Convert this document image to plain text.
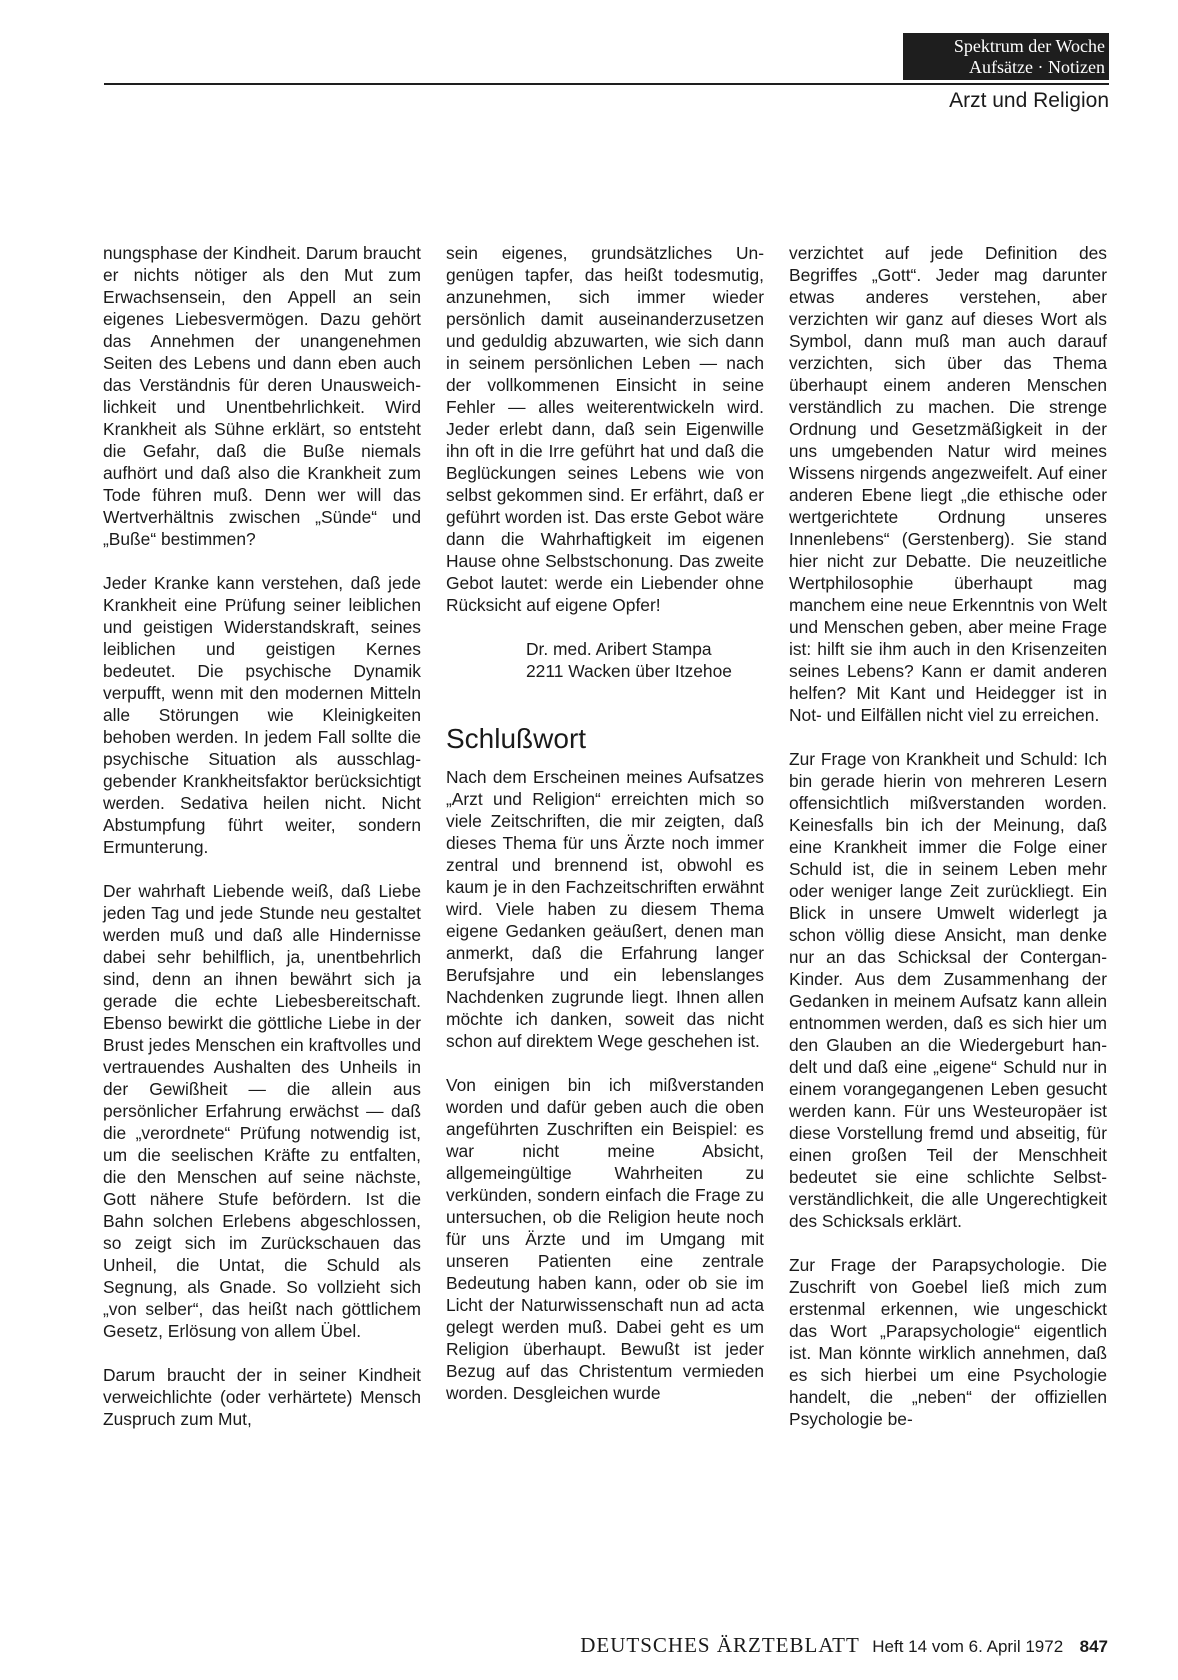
Spektrum der Woche
Aufsätze · Notizen
Arzt und Religion

nungsphase der Kindheit. Darum braucht er nichts nötiger als den Mut zum Erwachsensein, den Appell an sein eigenes Liebesvermögen. Dazu gehört das Annehmen der unangenehmen Seiten des Lebens und dann eben auch das Verständnis für deren Unausweichlichkeit und Unentbehrlichkeit. Wird Krankheit als Sühne erklärt, so entsteht die Gefahr, daß die Buße niemals aufhört und daß also die Krankheit zum Tode führen muß. Denn wer will das Wertverhältnis zwischen „Sünde“ und „Buße“ bestimmen?

Jeder Kranke kann verstehen, daß jede Krankheit eine Prüfung seiner leiblichen und geistigen Widerstandskraft, seines leiblichen und geistigen Kernes bedeutet. Die psychische Dynamik verpufft, wenn mit den modernen Mitteln alle Störungen wie Kleinigkeiten behoben werden. In jedem Fall sollte die psychische Situation als ausschlaggebender Krankheitsfaktor berücksichtigt werden. Sedativa heilen nicht. Nicht Abstumpfung führt weiter, sondern Ermunterung.

Der wahrhaft Liebende weiß, daß Liebe jeden Tag und jede Stunde neu gestaltet werden muß und daß alle Hindernisse dabei sehr behilflich, ja, unentbehrlich sind, denn an ihnen bewährt sich ja gerade die echte Liebesbereitschaft. Ebenso bewirkt die göttliche Liebe in der Brust jedes Menschen ein kraftvolles und vertrauendes Aushalten des Unheils in der Gewißheit — die allein aus persönlicher Erfahrung erwächst — daß die „verordnete“ Prüfung notwendig ist, um die seelischen Kräfte zu entfalten, die den Menschen auf seine nächste, Gott nähere Stufe befördern. Ist die Bahn solchen Erlebens abgeschlossen, so zeigt sich im Zurückschauen das Unheil, die Untat, die Schuld als Segnung, als Gnade. So vollzieht sich „von selber“, das heißt nach göttlichem Gesetz, Erlösung von allem Übel.

Darum braucht der in seiner Kindheit verweichlichte (oder verhärtete) Mensch Zuspruch zum Mut,

sein eigenes, grundsätzliches Ungenügen tapfer, das heißt todesmutig, anzunehmen, sich immer wieder persönlich damit auseinanderzusetzen und geduldig abzuwarten, wie sich dann in seinem persönlichen Leben — nach der vollkommenen Einsicht in seine Fehler — alles weiterentwickeln wird. Jeder erlebt dann, daß sein Eigenwille ihn oft in die Irre geführt hat und daß die Beglückungen seines Lebens wie von selbst gekommen sind. Er erfährt, daß er geführt worden ist. Das erste Gebot wäre dann die Wahrhaftigkeit im eigenen Hause ohne Selbstschonung. Das zweite Gebot lautet: werde ein Liebender ohne Rücksicht auf eigene Opfer!

Dr. med. Aribert Stampa
2211 Wacken über Itzehoe
Schlußwort

Nach dem Erscheinen meines Aufsatzes „Arzt und Religion“ erreichten mich so viele Zeitschriften, die mir zeigten, daß dieses Thema für uns Ärzte noch immer zentral und brennend ist, obwohl es kaum je in den Fachzeitschriften erwähnt wird. Viele haben zu diesem Thema eigene Gedanken geäußert, denen man anmerkt, daß die Erfahrung langer Berufsjahre und ein lebenslanges Nachdenken zugrunde liegt. Ihnen allen möchte ich danken, soweit das nicht schon auf direktem Wege geschehen ist.

Von einigen bin ich mißverstanden worden und dafür geben auch die oben angeführten Zuschriften ein Beispiel: es war nicht meine Absicht, allgemeingültige Wahrheiten zu verkünden, sondern einfach die Frage zu untersuchen, ob die Religion heute noch für uns Ärzte und im Umgang mit unseren Patienten eine zentrale Bedeutung haben kann, oder ob sie im Licht der Naturwissenschaft nun ad acta gelegt werden muß. Dabei geht es um Religion überhaupt. Bewußt ist jeder Bezug auf das Christentum vermieden worden. Desgleichen wurde

verzichtet auf jede Definition des Begriffes „Gott“. Jeder mag darunter etwas anderes verstehen, aber verzichten wir ganz auf dieses Wort als Symbol, dann muß man auch darauf verzichten, sich über das Thema überhaupt einem anderen Menschen verständlich zu machen. Die strenge Ordnung und Gesetzmäßigkeit in der uns umgebenden Natur wird meines Wissens nirgends angezweifelt. Auf einer anderen Ebene liegt „die ethische oder wertgerichtete Ordnung unseres Innenlebens“ (Gerstenberg). Sie stand hier nicht zur Debatte. Die neuzeitliche Wertphilosophie überhaupt mag manchem eine neue Erkenntnis von Welt und Menschen geben, aber meine Frage ist: hilft sie ihm auch in den Krisenzeiten seines Lebens? Kann er damit anderen helfen? Mit Kant und Heidegger ist in Not- und Eilfällen nicht viel zu erreichen.

Zur Frage von Krankheit und Schuld: Ich bin gerade hierin von mehreren Lesern offensichtlich mißverstanden worden. Keinesfalls bin ich der Meinung, daß eine Krankheit immer die Folge einer Schuld ist, die in seinem Leben mehr oder weniger lange Zeit zurückliegt. Ein Blick in unsere Umwelt widerlegt ja schon völlig diese Ansicht, man denke nur an das Schicksal der Contergan-Kinder. Aus dem Zusammenhang der Gedanken in meinem Aufsatz kann allein entnommen werden, daß es sich hier um den Glauben an die Wiedergeburt handelt und daß eine „eigene“ Schuld nur in einem vorangegangenen Leben gesucht werden kann. Für uns Westeuropäer ist diese Vorstellung fremd und abseitig, für einen großen Teil der Menschheit bedeutet sie eine schlichte Selbstverständlichkeit, die alle Ungerechtigkeit des Schicksals erklärt.

Zur Frage der Parapsychologie. Die Zuschrift von Goebel ließ mich zum erstenmal erkennen, wie ungeschickt das Wort „Parapsychologie“ eigentlich ist. Man könnte wirklich annehmen, daß es sich hierbei um eine Psychologie handelt, die „neben“ der offiziellen Psychologie be-

DEUTSCHES ÄRZTEBLATT Heft 14 vom 6. April 1972 847
